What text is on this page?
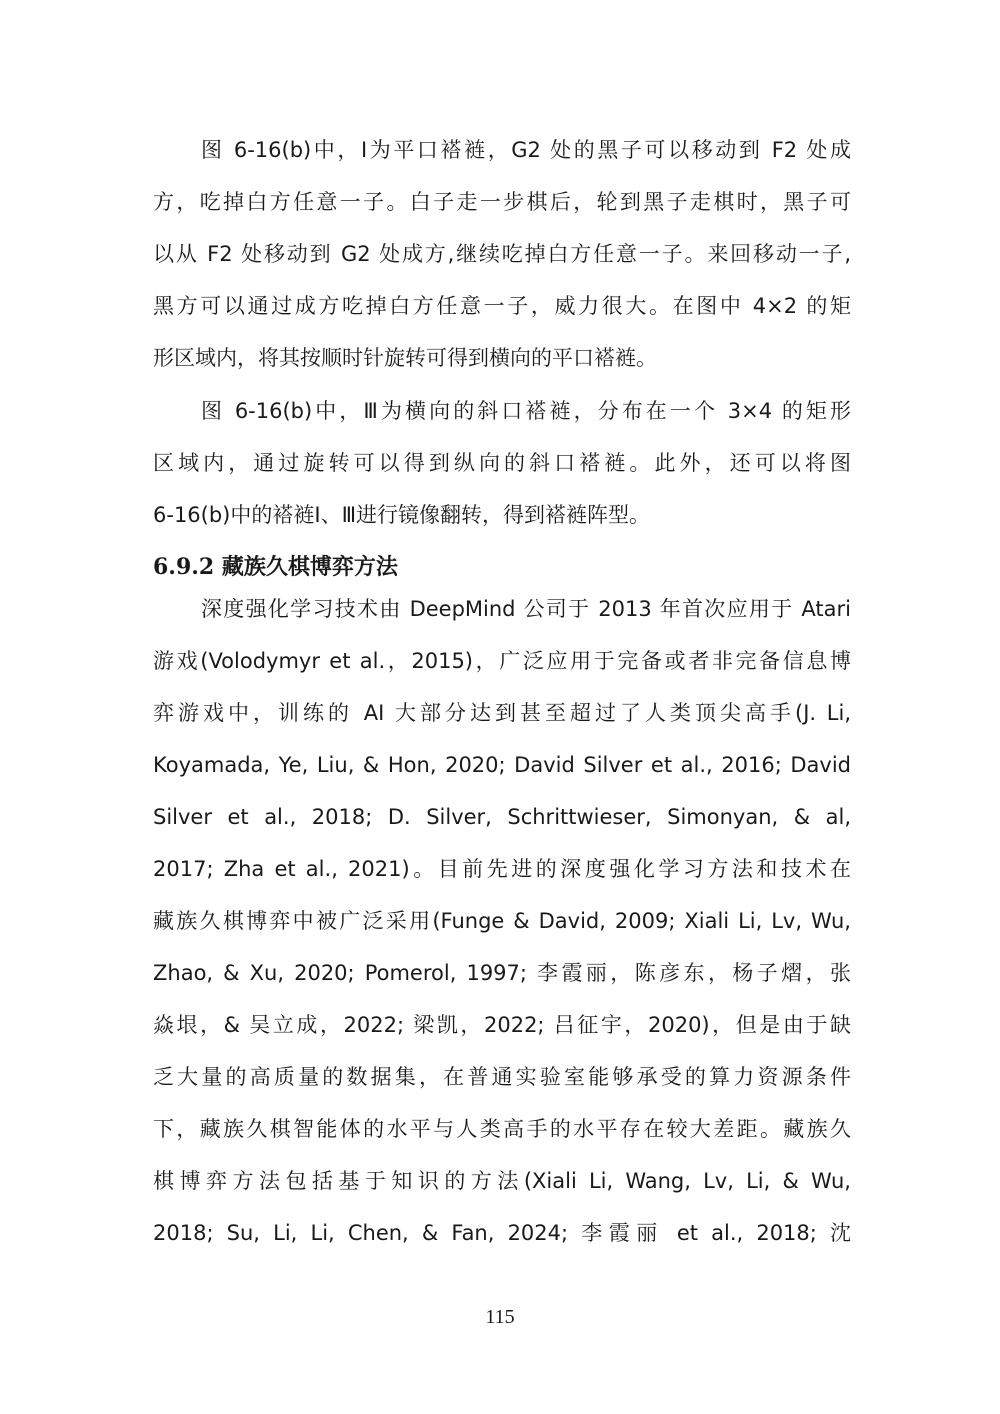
图 6-16(b)中，Ⅰ为平口褡裢，G2 处的黑子可以移动到 F2 处成
方，吃掉白方任意一子。白子走一步棋后，轮到黑子走棋时，黑子可
以从 F2 处移动到 G2 处成方,继续吃掉白方任意一子。来回移动一子,
黑方可以通过成方吃掉白方任意一子，威力很大。在图中 4×2 的矩
形区域内，将其按顺时针旋转可得到横向的平口褡裢。
图 6-16(b)中，Ⅲ为横向的斜口褡裢，分布在一个 3×4 的矩形
区域内，通过旋转可以得到纵向的斜口褡裢。此外，还可以将图
6-16(b)中的褡裢Ⅰ、Ⅲ进行镜像翻转，得到褡裢阵型。
6.9.2 藏族久棋博弈方法
深度强化学习技术由 DeepMind 公司于 2013 年首次应用于 Atari
游戏(Volodymyr et al.，2015)，广泛应用于完备或者非完备信息博
弈游戏中，训练的 AI 大部分达到甚至超过了人类顶尖高手(J. Li,
Koyamada, Ye, Liu, & Hon, 2020; David Silver et al., 2016; David
Silver et al., 2018; D. Silver, Schrittwieser, Simonyan, & al,
2017; Zha et al., 2021)。目前先进的深度强化学习方法和技术在
藏族久棋博弈中被广泛采用(Funge & David, 2009; Xiali Li, Lv, Wu,
Zhao, & Xu, 2020; Pomerol, 1997; 李霞丽，陈彦东，杨子熠，张
焱垠，& 吴立成，2022; 梁凯，2022; 吕征宇，2020)，但是由于缺
乏大量的高质量的数据集，在普通实验室能够承受的算力资源条件
下，藏族久棋智能体的水平与人类高手的水平存在较大差距。藏族久
棋博弈方法包括基于知识的方法(Xiali Li, Wang, Lv, Li, & Wu,
2018; Su, Li, Li, Chen, & Fan, 2024; 李霞丽 et al., 2018; 沈
115
